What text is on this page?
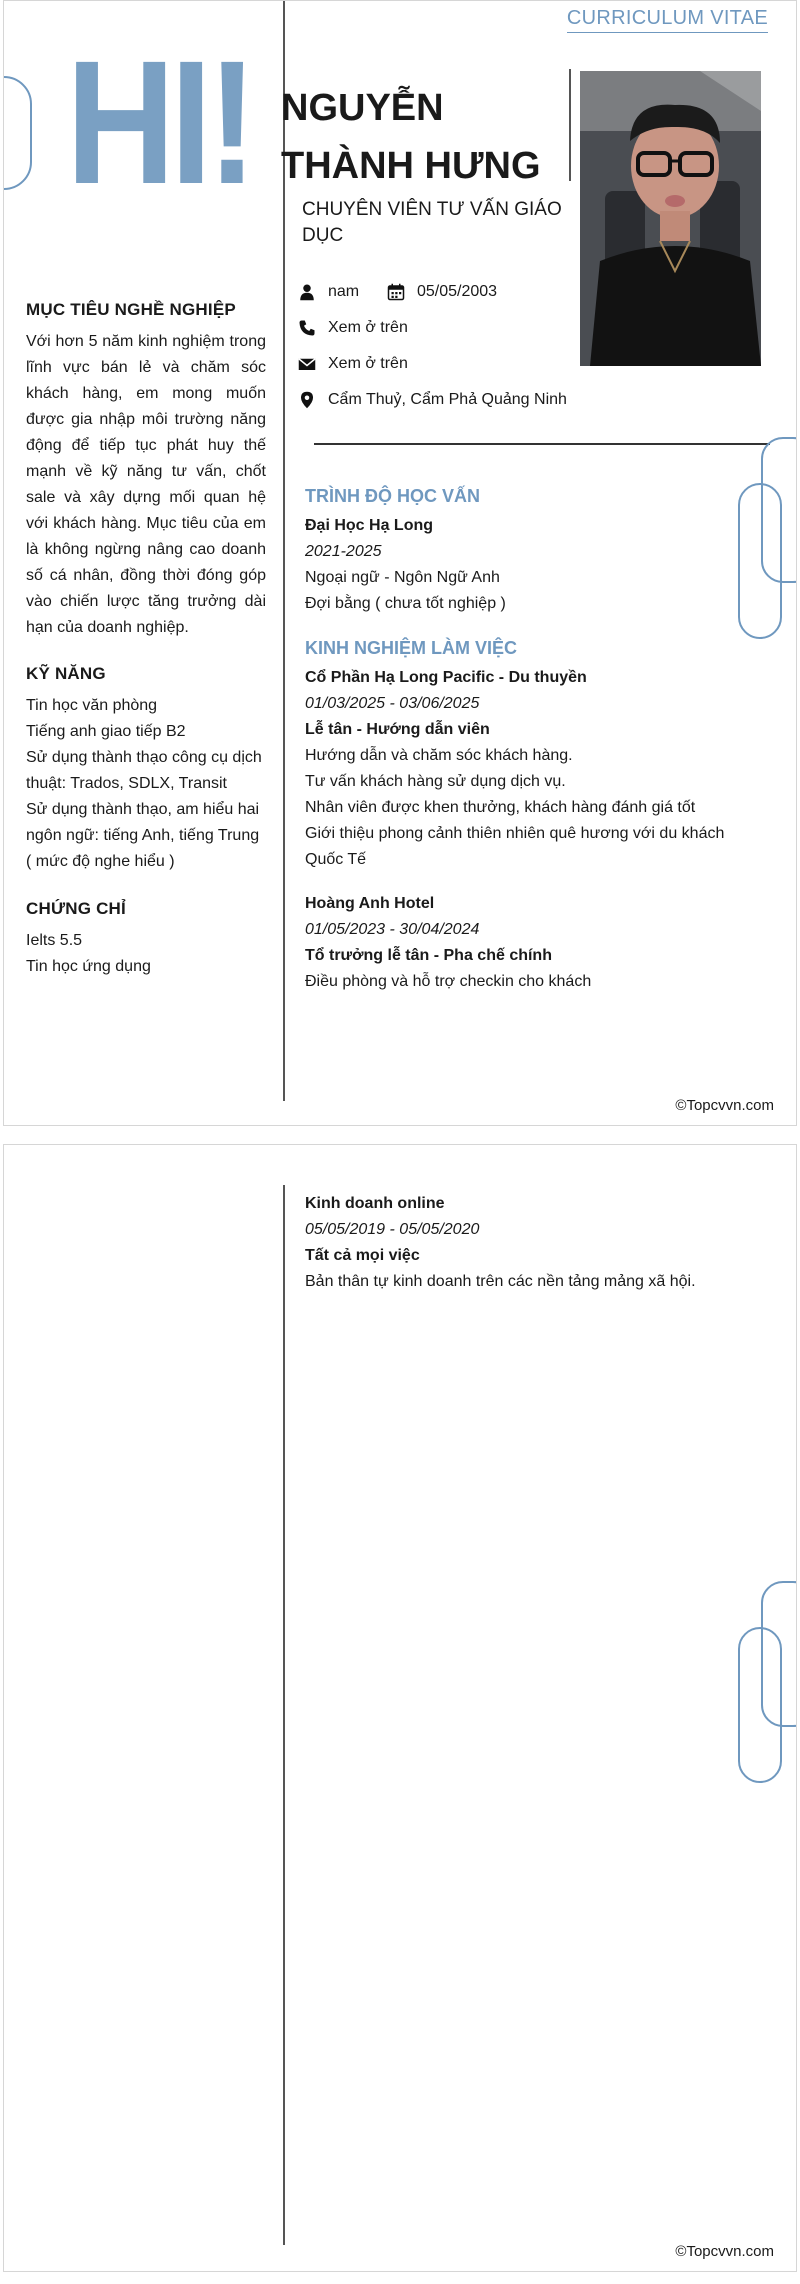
CURRICULUM VITAE
HI! NGUYỄN
THÀNH HƯNG
CHUYÊN VIÊN TƯ VẤN GIÁO DỤC
nam	05/05/2003
Xem ở trên
Xem ở trên
Cẩm Thuỷ, Cẩm Phả Quảng Ninh
MỤC TIÊU NGHỀ NGHIỆP

Với hơn 5 năm kinh nghiệm trong lĩnh vực bán lẻ và chăm sóc khách hàng, em mong muốn được gia nhập môi trường năng động để tiếp tục phát huy thế mạnh về kỹ năng tư vấn, chốt sale và xây dựng mối quan hệ với khách hàng. Mục tiêu của em là không ngừng nâng cao doanh số cá nhân, đồng thời đóng góp vào chiến lược tăng trưởng dài hạn của doanh nghiệp.

KỸ NĂNG

Tin học văn phòng

Tiếng anh giao tiếp B2

Sử dụng thành thạo công cụ dịch thuật: Trados, SDLX, Transit

Sử dụng thành thạo, am hiểu hai ngôn ngữ: tiếng Anh, tiếng Trung ( mức độ nghe hiểu )

CHỨNG CHỈ

Ielts 5.5

Tin học ứng dụng

TRÌNH ĐỘ HỌC VẤN

Đại Học Hạ Long

2021-2025

Ngoại ngữ - Ngôn Ngữ Anh

Đợi bằng ( chưa tốt nghiệp )

KINH NGHIỆM LÀM VIỆC

Cổ Phần Hạ Long Pacific - Du thuyền

01/03/2025 - 03/06/2025

Lễ tân - Hướng dẫn viên

Hướng dẫn và chăm sóc khách hàng.

Tư vấn khách hàng sử dụng dịch vụ.

Nhân viên được khen thưởng, khách hàng đánh giá tốt

Giới thiệu phong cảnh thiên nhiên quê hương với du khách Quốc Tế

Hoàng Anh Hotel

01/05/2023 - 30/04/2024

Tổ trưởng lễ tân - Pha chế chính

Điều phòng và hỗ trợ checkin cho khách

©Topcvvn.com

Kinh doanh online

05/05/2019 - 05/05/2020

Tất cả mọi việc

Bản thân tự kinh doanh trên các nền tảng mảng xã hội.

©Topcvvn.com
